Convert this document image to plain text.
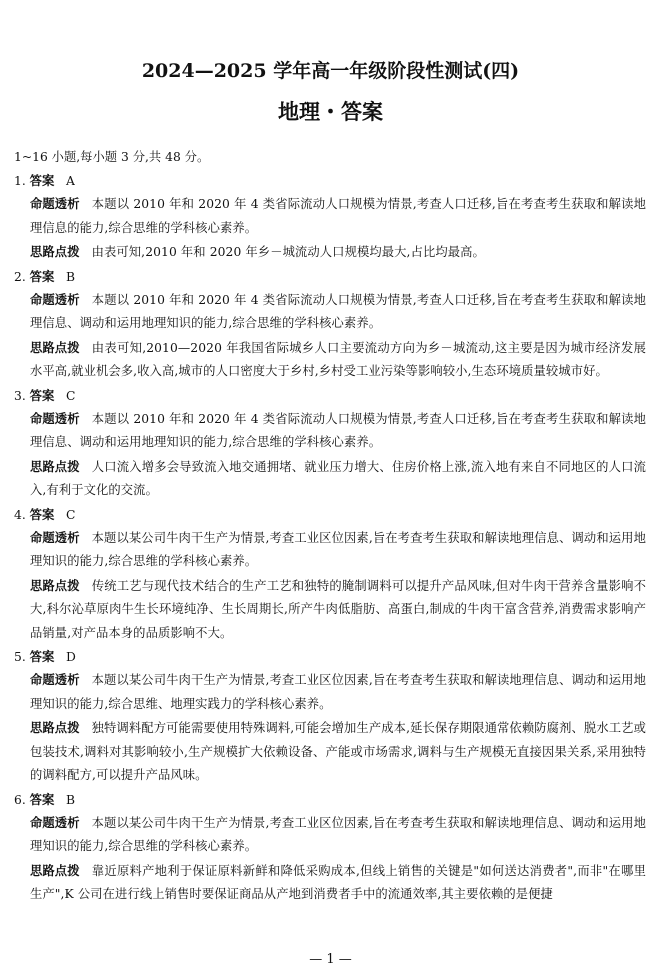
2024—2025 学年高一年级阶段性测试(四)
地理・答案
1~16 小题,每小题 3 分,共 48 分。
1. 答案 A
命题透析 本题以 2010 年和 2020 年 4 类省际流动人口规模为情景,考查人口迁移,旨在考查考生获取和解读地理信息的能力,综合思维的学科核心素养。
思路点拨 由表可知,2010 年和 2020 年乡－城流动人口规模均最大,占比均最高。
2. 答案 B
命题透析 本题以 2010 年和 2020 年 4 类省际流动人口规模为情景,考查人口迁移,旨在考查考生获取和解读地理信息、调动和运用地理知识的能力,综合思维的学科核心素养。
思路点拨 由表可知,2010—2020 年我国省际城乡人口主要流动方向为乡－城流动,这主要是因为城市经济发展水平高,就业机会多,收入高,城市的人口密度大于乡村,乡村受工业污染等影响较小,生态环境质量较城市好。
3. 答案 C
命题透析 本题以 2010 年和 2020 年 4 类省际流动人口规模为情景,考查人口迁移,旨在考查考生获取和解读地理信息、调动和运用地理知识的能力,综合思维的学科核心素养。
思路点拨 人口流入增多会导致流入地交通拥堵、就业压力增大、住房价格上涨,流入地有来自不同地区的人口流入,有利于文化的交流。
4. 答案 C
命题透析 本题以某公司牛肉干生产为情景,考查工业区位因素,旨在考查考生获取和解读地理信息、调动和运用地理知识的能力,综合思维的学科核心素养。
思路点拨 传统工艺与现代技术结合的生产工艺和独特的腌制调料可以提升产品风味,但对牛肉干营养含量影响不大,科尔沁草原肉牛生长环境纯净、生长周期长,所产牛肉低脂肪、高蛋白,制成的牛肉干富含营养,消费需求影响产品销量,对产品本身的品质影响不大。
5. 答案 D
命题透析 本题以某公司牛肉干生产为情景,考查工业区位因素,旨在考查考生获取和解读地理信息、调动和运用地理知识的能力,综合思维、地理实践力的学科核心素养。
思路点拨 独特调料配方可能需要使用特殊调料,可能会增加生产成本,延长保存期限通常依赖防腐剂、脱水工艺或包装技术,调料对其影响较小,生产规模扩大依赖设备、产能或市场需求,调料与生产规模无直接因果关系,采用独特的调料配方,可以提升产品风味。
6. 答案 B
命题透析 本题以某公司牛肉干生产为情景,考查工业区位因素,旨在考查考生获取和解读地理信息、调动和运用地理知识的能力,综合思维的学科核心素养。
思路点拨 靠近原料产地利于保证原料新鲜和降低采购成本,但线上销售的关键是"如何送达消费者",而非"在哪里生产",K 公司在进行线上销售时要保证商品从产地到消费者手中的流通效率,其主要依赖的是便捷
— 1 —
